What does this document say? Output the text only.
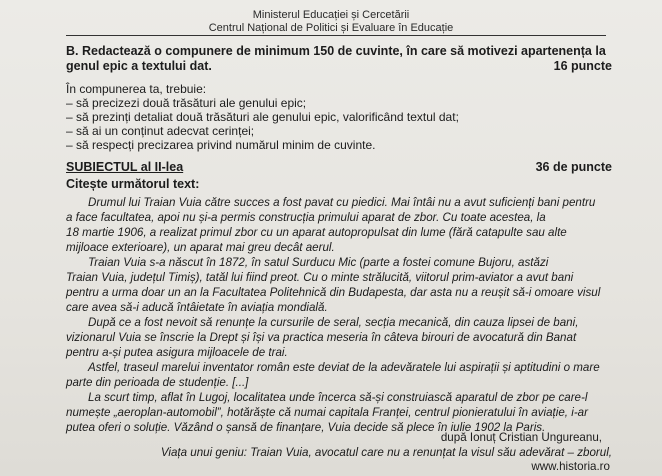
Ministerul Educației și Cercetării
Centrul Național de Politici și Evaluare în Educație
B. Redactează o compunere de minimum 150 de cuvinte, în care să motivezi apartenența la
genul epic a textului dat.	16 puncte
În compunerea ta, trebuie:
– să precizezi două trăsături ale genului epic;
– să prezinți detaliat două trăsături ale genului epic, valorificând textul dat;
– să ai un conținut adecvat cerinței;
– să respecți precizarea privind numărul minim de cuvinte.
SUBIECTUL al II-lea	36 de puncte
Citește următorul text:
Drumul lui Traian Vuia către succes a fost pavat cu piedici. Mai întâi nu a avut suficienți bani pentru
a face facultatea, apoi nu și-a permis construcția primului aparat de zbor. Cu toate acestea, la
18 martie 1906, a realizat primul zbor cu un aparat autopropulsat din lume (fără catapulte sau alte
mijloace exterioare), un aparat mai greu decât aerul.
Traian Vuia s-a născut în 1872, în satul Surducu Mic (parte a fostei comune Bujoru, astăzi
Traian Vuia, județul Timiș), tatăl lui fiind preot. Cu o minte strălucită, viitorul prim-aviator a avut bani
pentru a urma doar un an la Facultatea Politehnică din Budapesta, dar asta nu a reușit să-i omoare visul
care avea să-i aducă întâietate în aviația mondială.
După ce a fost nevoit să renunțe la cursurile de seral, secția mecanică, din cauza lipsei de bani,
vizionarul Vuia se înscrie la Drept și își va practica meseria în câteva birouri de avocatură din Banat
pentru a-și putea asigura mijloacele de trai.
Astfel, traseul marelui inventator român este deviat de la adevăratele lui aspirații și aptitudini o mare
parte din perioada de studenție. [...]
La scurt timp, aflat în Lugoj, localitatea unde încerca să-și construiască aparatul de zbor pe care-l
numește „aeroplan-automobil”, hotărăște că numai capitala Franței, centrul pionieratului în aviație, i-ar
putea oferi o soluție. Văzând o șansă de finanțare, Vuia decide să plece în iulie 1902 la Paris.
după Ionuț Cristian Ungureanu,
Viața unui geniu: Traian Vuia, avocatul care nu a renunțat la visul său adevărat – zborul,
www.historia.ro
